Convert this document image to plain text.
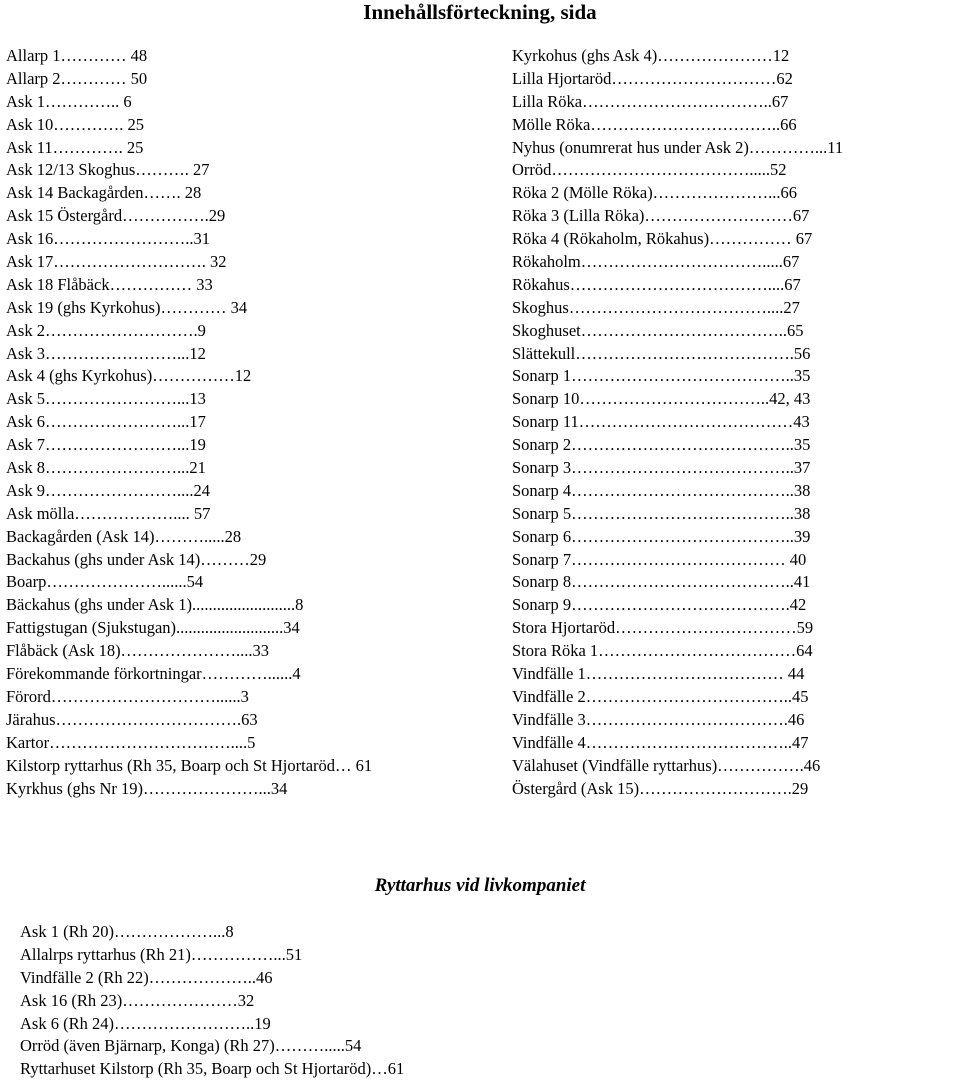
Innehållsförteckning, sida
Allarp 1………… 48
Allarp 2………… 50
Ask 1………….. 6
Ask 10…………. 25
Ask 11…………. 25
Ask 12/13 Skoghus………. 27
Ask 14 Backagården……. 28
Ask 15 Östergård…………….29
Ask 16……………………..31
Ask 17………………………. 32
Ask 18 Flåbäck…………… 33
Ask 19 (ghs Kyrkohus)………… 34
Ask 2……………………….9
Ask 3……………………...12
Ask 4 (ghs Kyrkohus)……………12
Ask 5……………………...13
Ask 6……………………...17
Ask 7……………………...19
Ask 8……………………...21
Ask 9……………………....24
Ask mölla……………….... 57
Backagården (Ask 14)……….....28
Backahus (ghs under Ask 14)………29
Boarp…………………......54
Bäckahus (ghs under Ask 1).........................8
Fattigstugan (Sjukstugan)..........................34
Flåbäck (Ask 18)…………………....33
Förekommande förkortningar…………......4
Förord…………………………......3
Järahus…………………………….63
Kartor……………………………....5
Kilstorp ryttarhus (Rh 35, Boarp och St Hjortaröd… 61
Kyrkhus (ghs Nr 19)…………………...34
Kyrkohus (ghs Ask 4)…………………12
Lilla Hjortaröd…………………………62
Lilla Röka……………………………..67
Mölle Röka……………………………..66
Nyhus (onumrerat hus under Ask 2)…………...11
Orröd……………………………….....52
Röka 2 (Mölle Röka)…………………...66
Röka 3 (Lilla Röka)………………………67
Röka 4 (Rökaholm, Rökahus)…………… 67
Rökaholm…………………………….....67
Rökahus………………………………....67
Skoghus………………………………....27
Skoghuset………………………………..65
Slättekull………………………………….56
Sonarp 1…………………………………..35
Sonarp 10……………………………..42, 43
Sonarp 11…………………………………43
Sonarp 2…………………………………..35
Sonarp 3…………………………………..37
Sonarp 4…………………………………..38
Sonarp 5…………………………………..38
Sonarp 6…………………………………..39
Sonarp 7………………………………… 40
Sonarp 8…………………………………..41
Sonarp 9………………………………….42
Stora Hjortaröd……………………………59
Stora Röka 1………………………………64
Vindfälle 1……………………………… 44
Vindfälle 2………………………………..45
Vindfälle 3……………………………….46
Vindfälle 4………………………………..47
Välahuset (Vindfälle ryttarhus)…………….46
Östergård (Ask 15)……………………….29
Ryttarhus vid livkompaniet
Ask 1 (Rh 20)………………...8
Allalrps ryttarhus (Rh 21)……………...51
Vindfälle 2 (Rh 22)………………..46
Ask 16 (Rh 23)…………………32
Ask 6 (Rh 24)……………………..19
Orröd (även Bjärnarp, Konga) (Rh 27)……….....54
Ryttarhuset Kilstorp (Rh 35, Boarp och St Hjortaröd)…61
